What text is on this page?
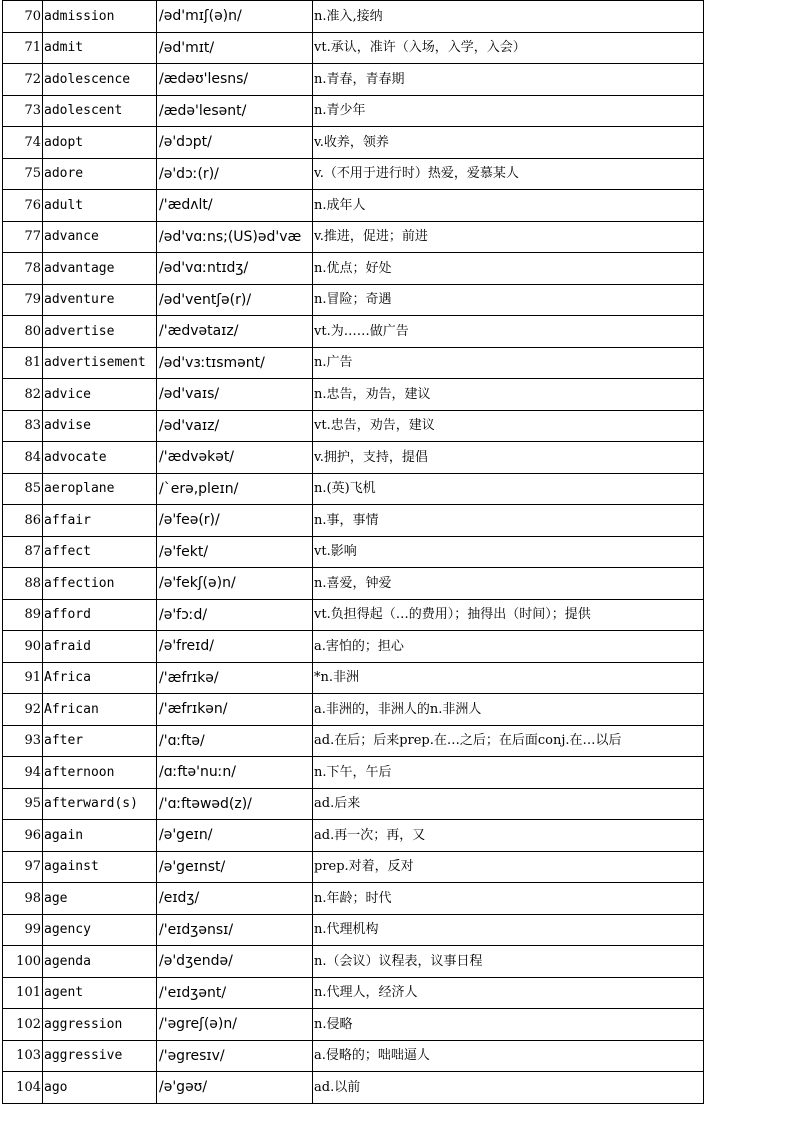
70	admission	/əd'mɪʃ(ə)n/	n.准入,接纳
71	admit	/əd'mɪt/	vt.承认，准许（入场，入学，入会）
72	adolescence	/ædəʊ'lesns/	n.青春，青春期
73	adolescent	/ædə'lesənt/	n.青少年
74	adopt	/ə'dɔpt/	v.收养，领养
75	adore	/ə'dɔː(r)/	v.（不用于进行时）热爱，爱慕某人
76	adult	/'ædʌlt/	n.成年人
77	advance	/əd'vɑːns;(US)əd'væ	v.推进，促进；前进
78	advantage	/əd'vɑːntɪdʒ/	n.优点；好处
79	adventure	/əd'ventʃə(r)/	n.冒险；奇遇
80	advertise	/'ædvətaɪz/	vt.为……做广告
81	advertisement	/əd'vɜːtɪsmənt/	n.广告
82	advice	/əd'vaɪs/	n.忠告，劝告，建议
83	advise	/əd'vaɪz/	vt.忠告，劝告，建议
84	advocate	/'ædvəkət/	v.拥护，支持，提倡
85	aeroplane	/`erə,pleɪn/	n.(英)飞机
86	affair	/ə'feə(r)/	n.事，事情
87	affect	/ə'fekt/	vt.影响
88	affection	/ə'fekʃ(ə)n/	n.喜爱，钟爱
89	afford	/ə'fɔːd/	vt.负担得起（…的费用）；抽得出（时间）；提供
90	afraid	/ə'freɪd/	a.害怕的；担心
91	Africa	/'æfrɪkə/	*n.非洲
92	African	/'æfrɪkən/	a.非洲的，非洲人的n.非洲人
93	after	/'ɑːftə/	ad.在后；后来prep.在…之后；在后面conj.在…以后
94	afternoon	/ɑːftə'nuːn/	n.下午，午后
95	afterward(s)	/'ɑːftəwəd(z)/	ad.后来
96	again	/ə'geɪn/	ad.再一次；再，又
97	against	/ə'geɪnst/	prep.对着，反对
98	age	/eɪdʒ/	n.年龄；时代
99	agency	/'eɪdʒənsɪ/	n.代理机构
100	agenda	/ə'dʒendə/	n.（会议）议程表，议事日程
101	agent	/'eɪdʒənt/	n.代理人，经济人
102	aggression	/'əgreʃ(ə)n/	n.侵略
103	aggressive	/'əgresɪv/	a.侵略的；咄咄逼人
104	ago	/ə'gəʊ/	ad.以前
